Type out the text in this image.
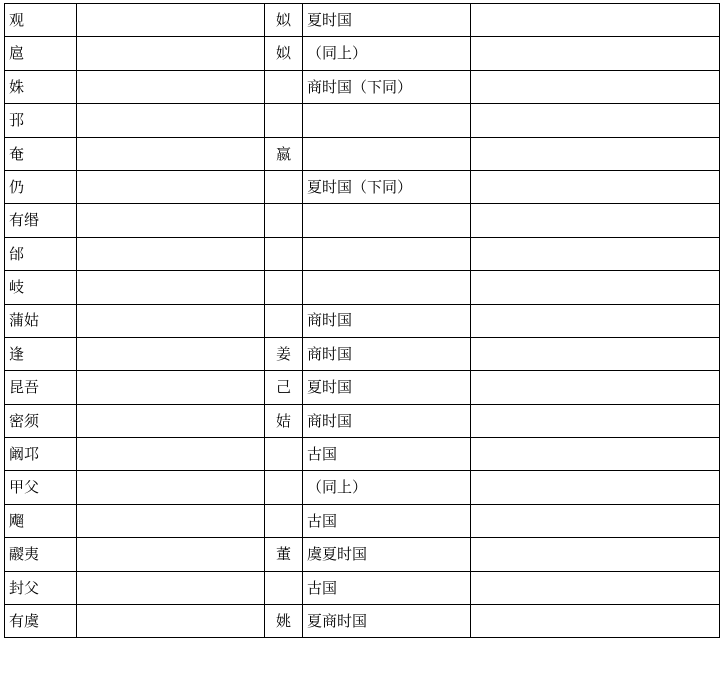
观		姒	夏时国	
扈		姒	（同上）	
姝			商时国（下同）	
邘				
奄		嬴		
仍			夏时国（下同）	
有缗				
邰				
岐				
蒲姑			商时国	
逢		姜	商时国	
昆吾		己	夏时国	
密须		姞	商时国	
阚邛			古国	
甲父			（同上）	
飗			古国	
鬷夷		董	虞夏时国	
封父			古国	
有虞		姚	夏商时国	
